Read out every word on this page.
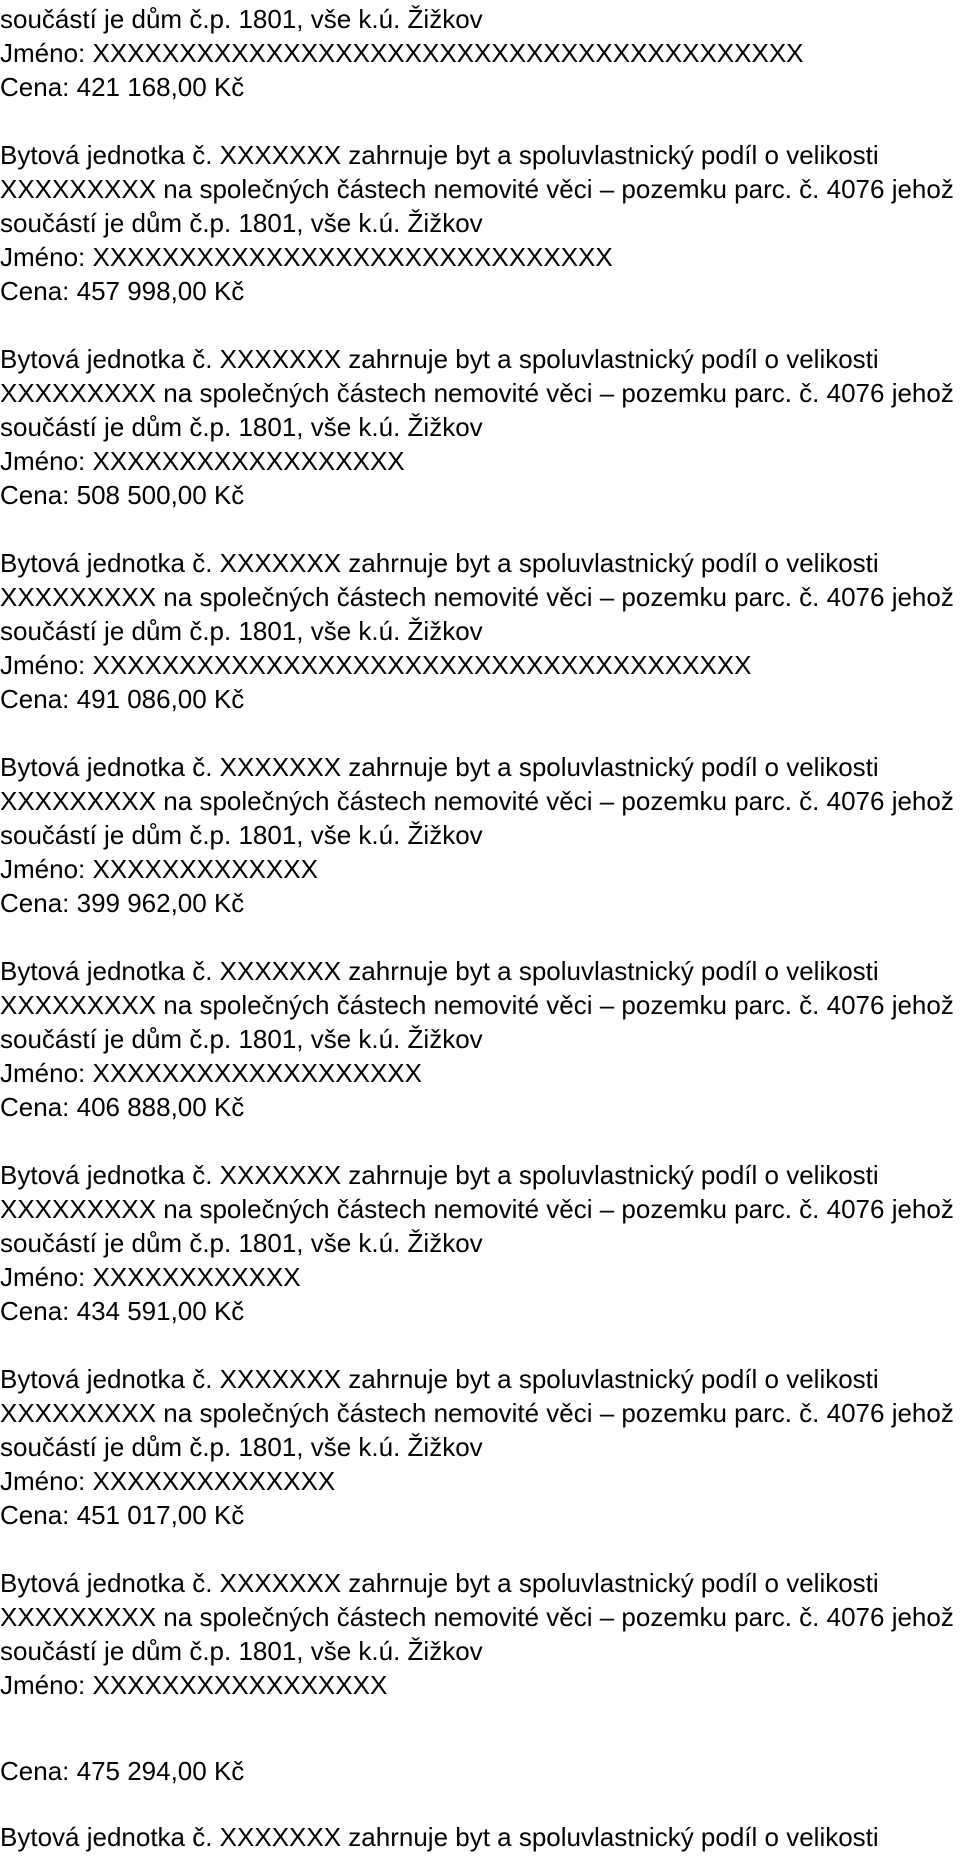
součástí je dům č.p. 1801, vše k.ú. Žižkov
Jméno: XXXXXXXXXXXXXXXXXXXXXXXXXXXXXXXXXXXXXXXXX
Cena: 421 168,00 Kč
Bytová jednotka č. XXXXXXX zahrnuje byt a spoluvlastnický podíl o velikosti
XXXXXXXXX na společných částech nemovité věci – pozemku parc. č. 4076 jehož
součástí je dům č.p. 1801, vše k.ú. Žižkov
Jméno: XXXXXXXXXXXXXXXXXXXXXXXXXXXXXX
Cena: 457 998,00 Kč
Bytová jednotka č. XXXXXXX zahrnuje byt a spoluvlastnický podíl o velikosti
XXXXXXXXX na společných částech nemovité věci – pozemku parc. č. 4076 jehož
součástí je dům č.p. 1801, vše k.ú. Žižkov
Jméno: XXXXXXXXXXXXXXXXXX
Cena: 508 500,00 Kč
Bytová jednotka č. XXXXXXX zahrnuje byt a spoluvlastnický podíl o velikosti
XXXXXXXXX na společných částech nemovité věci – pozemku parc. č. 4076 jehož
součástí je dům č.p. 1801, vše k.ú. Žižkov
Jméno: XXXXXXXXXXXXXXXXXXXXXXXXXXXXXXXXXXXXXX
Cena: 491 086,00 Kč
Bytová jednotka č. XXXXXXX zahrnuje byt a spoluvlastnický podíl o velikosti
XXXXXXXXX na společných částech nemovité věci – pozemku parc. č. 4076 jehož
součástí je dům č.p. 1801, vše k.ú. Žižkov
Jméno: XXXXXXXXXXXXX
Cena: 399 962,00 Kč
Bytová jednotka č. XXXXXXX zahrnuje byt a spoluvlastnický podíl o velikosti
XXXXXXXXX na společných částech nemovité věci – pozemku parc. č. 4076 jehož
součástí je dům č.p. 1801, vše k.ú. Žižkov
Jméno: XXXXXXXXXXXXXXXXXXX
Cena: 406 888,00 Kč
Bytová jednotka č. XXXXXXX zahrnuje byt a spoluvlastnický podíl o velikosti
XXXXXXXXX na společných částech nemovité věci – pozemku parc. č. 4076 jehož
součástí je dům č.p. 1801, vše k.ú. Žižkov
Jméno: XXXXXXXXXXXX
Cena: 434 591,00 Kč
Bytová jednotka č. XXXXXXX zahrnuje byt a spoluvlastnický podíl o velikosti
XXXXXXXXX na společných částech nemovité věci – pozemku parc. č. 4076 jehož
součástí je dům č.p. 1801, vše k.ú. Žižkov
Jméno: XXXXXXXXXXXXXX
Cena: 451 017,00 Kč
Bytová jednotka č. XXXXXXX zahrnuje byt a spoluvlastnický podíl o velikosti
XXXXXXXXX na společných částech nemovité věci – pozemku parc. č. 4076 jehož
součástí je dům č.p. 1801, vše k.ú. Žižkov
Jméno: XXXXXXXXXXXXXXXXX
Cena: 475 294,00 Kč
Bytová jednotka č. XXXXXXX zahrnuje byt a spoluvlastnický podíl o velikosti
